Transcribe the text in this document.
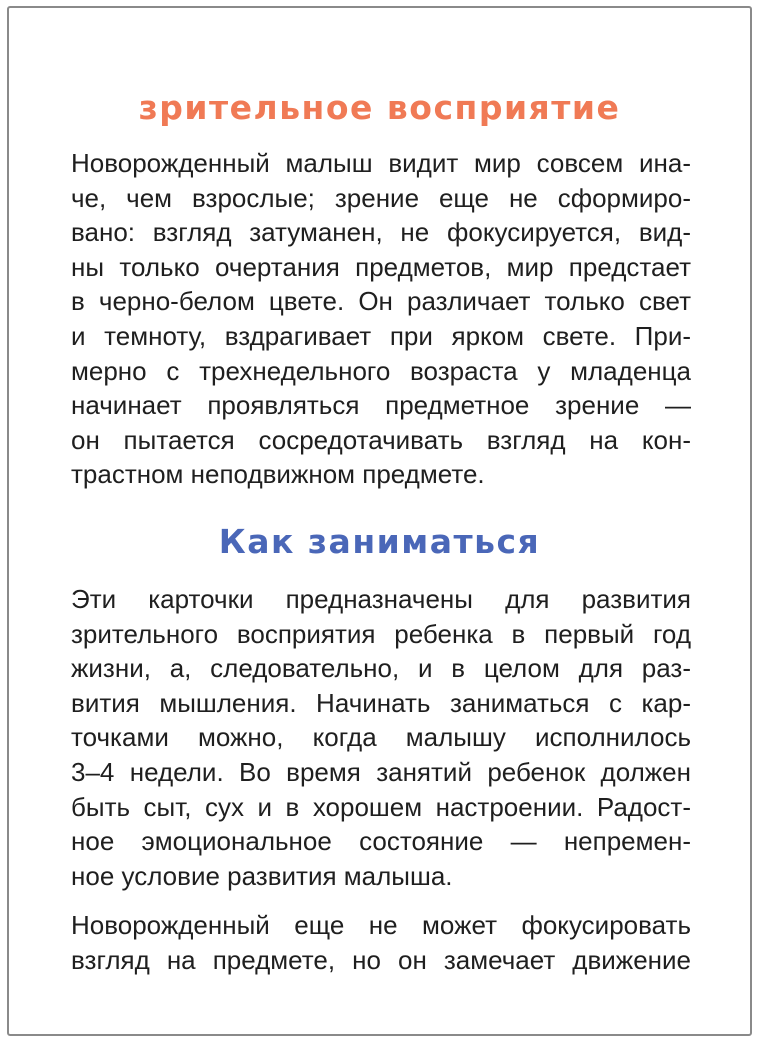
зрительное восприятие
Новорожденный малыш видит мир совсем ина-
че, чем взрослые; зрение еще не сформиро-
вано: взгляд затуманен, не фокусируется, вид-
ны только очертания предметов, мир предстает
в черно-белом цвете. Он различает только свет
и темноту, вздрагивает при ярком свете. При-
мерно с трехнедельного возраста у младенца
начинает проявляться предметное зрение —
он пытается сосредотачивать взгляд на кон-
трастном неподвижном предмете.
Как заниматься
Эти карточки предназначены для развития
зрительного восприятия ребенка в первый год
жизни, а, следовательно, и в целом для раз-
вития мышления. Начинать заниматься с кар-
точками можно, когда малышу исполнилось
3–4 недели. Во время занятий ребенок должен
быть сыт, сух и в хорошем настроении. Радост-
ное эмоциональное состояние — непремен-
ное условие развития малыша.
Новорожденный еще не может фокусировать
взгляд на предмете, но он замечает движение
